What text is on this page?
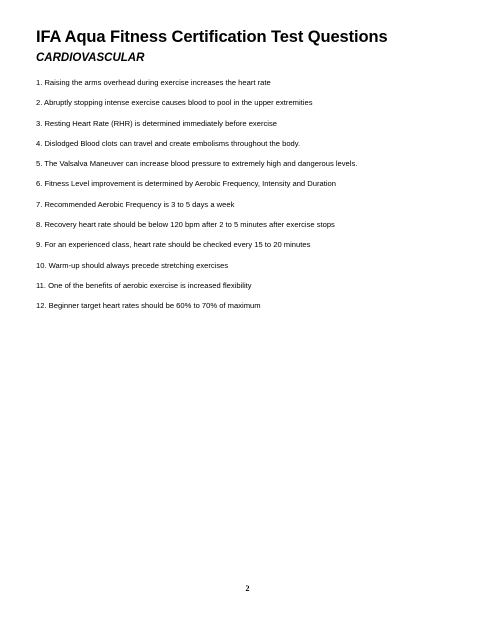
IFA Aqua Fitness Certification Test Questions
CARDIOVASCULAR
1. Raising the arms overhead during exercise increases the heart rate
2. Abruptly stopping intense exercise causes blood to pool in the upper extremities
3. Resting Heart Rate (RHR) is determined immediately before exercise
4. Dislodged Blood clots can travel and create embolisms throughout the body.
5. The Valsalva Maneuver can increase blood pressure to extremely high and dangerous levels.
6. Fitness Level improvement is determined by Aerobic Frequency, Intensity and Duration
7. Recommended Aerobic Frequency is 3 to 5 days a week
8. Recovery heart rate should be below 120 bpm after 2 to 5 minutes after exercise stops
9. For an experienced class, heart rate should be checked every 15 to 20 minutes
10. Warm-up should always precede stretching exercises
11. One of the benefits of aerobic exercise is increased flexibility
12. Beginner target heart rates should be 60% to 70% of maximum
2
